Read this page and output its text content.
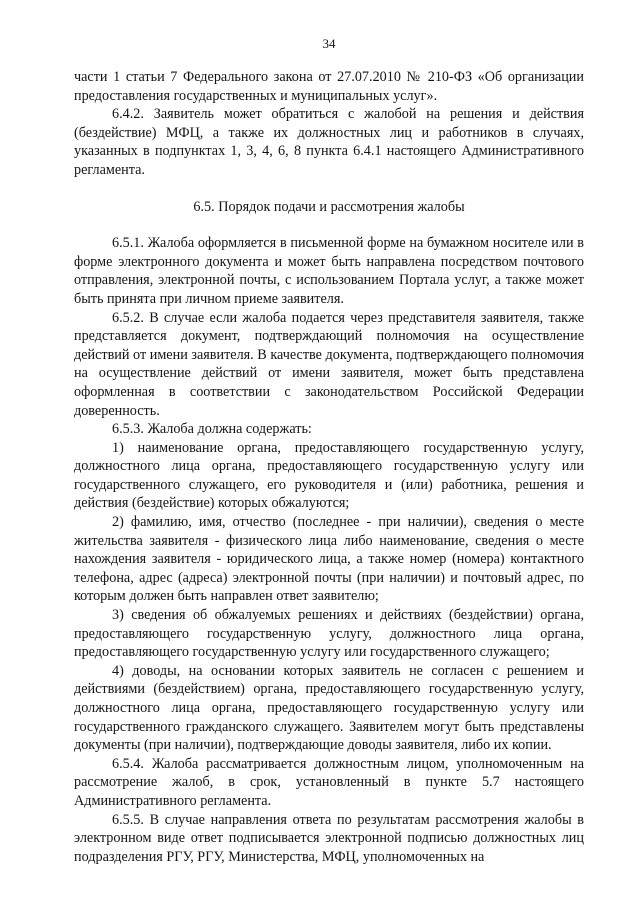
34

части 1 статьи 7 Федерального закона от 27.07.2010 № 210-ФЗ «Об организации предоставления государственных и муниципальных услуг».

6.4.2. Заявитель может обратиться с жалобой на решения и действия (бездействие) МФЦ, а также их должностных лиц и работников в случаях, указанных в подпунктах 1, 3, 4, 6, 8 пункта 6.4.1 настоящего Административного регламента.

6.5. Порядок подачи и рассмотрения жалобы

6.5.1. Жалоба оформляется в письменной форме на бумажном носителе или в форме электронного документа и может быть направлена посредством почтового отправления, электронной почты, с использованием Портала услуг, а также может быть принята при личном приеме заявителя.

6.5.2. В случае если жалоба подается через представителя заявителя, также представляется документ, подтверждающий полномочия на осуществление действий от имени заявителя. В качестве документа, подтверждающего полномочия на осуществление действий от имени заявителя, может быть представлена оформленная в соответствии с законодательством Российской Федерации доверенность.

6.5.3. Жалоба должна содержать:

1) наименование органа, предоставляющего государственную услугу, должностного лица органа, предоставляющего государственную услугу или государственного служащего, его руководителя и (или) работника, решения и действия (бездействие) которых обжалуются;

2) фамилию, имя, отчество (последнее - при наличии), сведения о месте жительства заявителя - физического лица либо наименование, сведения о месте нахождения заявителя - юридического лица, а также номер (номера) контактного телефона, адрес (адреса) электронной почты (при наличии) и почтовый адрес, по которым должен быть направлен ответ заявителю;

3) сведения об обжалуемых решениях и действиях (бездействии) органа, предоставляющего государственную услугу, должностного лица органа, предоставляющего государственную услугу или государственного служащего;

4) доводы, на основании которых заявитель не согласен с решением и действиями (бездействием) органа, предоставляющего государственную услугу, должностного лица органа, предоставляющего государственную услугу или государственного гражданского служащего. Заявителем могут быть представлены документы (при наличии), подтверждающие доводы заявителя, либо их копии.

6.5.4. Жалоба рассматривается должностным лицом, уполномоченным на рассмотрение жалоб, в срок, установленный в пункте 5.7 настоящего Административного регламента.

6.5.5. В случае направления ответа по результатам рассмотрения жалобы в электронном виде ответ подписывается электронной подписью должностных лиц подразделения РГУ, РГУ, Министерства, МФЦ, уполномоченных на
